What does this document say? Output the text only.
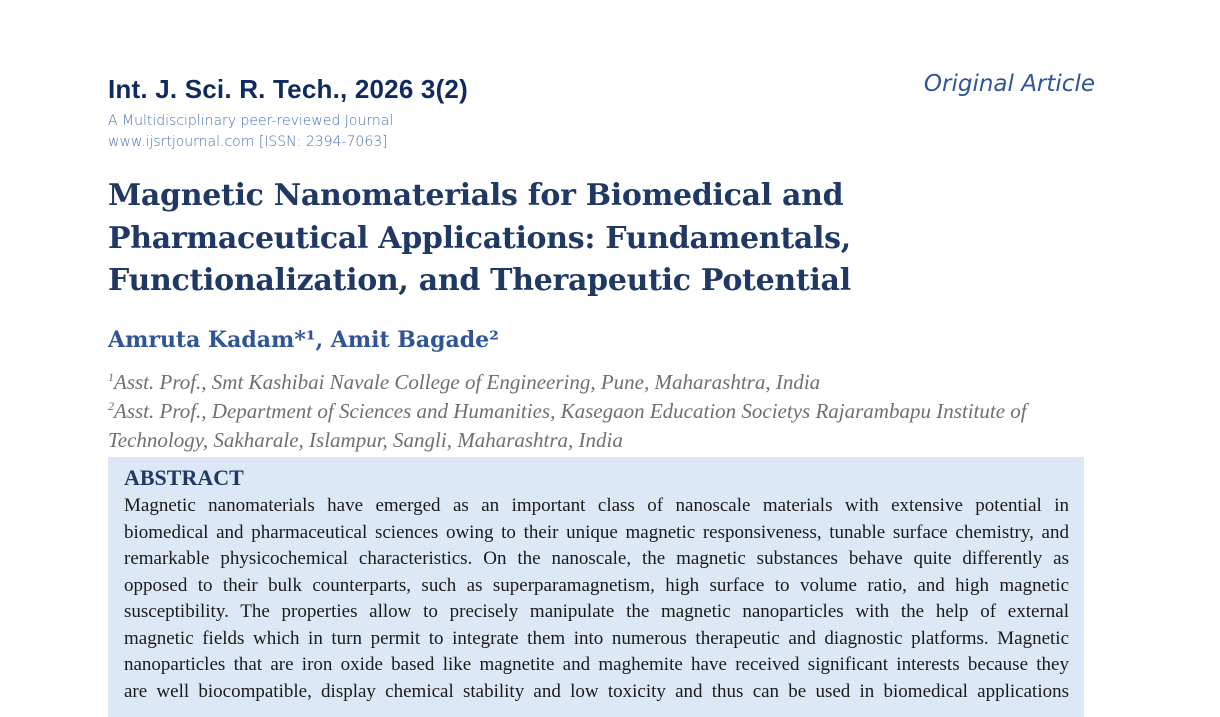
Int. J. Sci. R. Tech., 2026 3(2)
A Multidisciplinary peer-reviewed Journal
www.ijsrtjournal.com [ISSN: 2394-7063]
Original Article
Magnetic Nanomaterials for Biomedical and
Pharmaceutical Applications: Fundamentals,
Functionalization, and Therapeutic Potential
Amruta Kadam*¹, Amit Bagade²
$^1$Asst. Prof., Smt Kashibai Navale College of Engineering, Pune, Maharashtra, India
$^2$Asst. Prof., Department of Sciences and Humanities, Kasegaon Education Societys Rajarambapu Institute of Technology, Sakharale, Islampur, Sangli, Maharashtra, India
ABSTRACT
Magnetic nanomaterials have emerged as an important class of nanoscale materials with extensive potential in
biomedical and pharmaceutical sciences owing to their unique magnetic responsiveness, tunable surface chemistry, and
remarkable physicochemical characteristics. On the nanoscale, the magnetic substances behave quite differently as
opposed to their bulk counterparts, such as superparamagnetism, high surface to volume ratio, and high magnetic
susceptibility. The properties allow to precisely manipulate the magnetic nanoparticles with the help of external
magnetic fields which in turn permit to integrate them into numerous therapeutic and diagnostic platforms. Magnetic
nanoparticles that are iron oxide based like magnetite and maghemite have received significant interests because they
are well biocompatible, display chemical stability and low toxicity and thus can be used in biomedical applications
